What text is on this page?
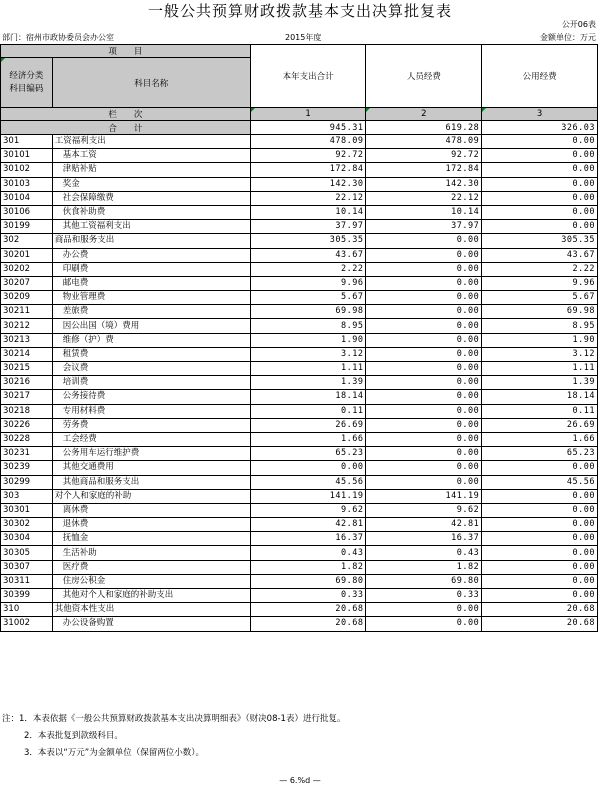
一般公共预算财政拨款基本支出决算批复表
公开06表
部门：宿州市政协委员会办公室	2015年度	金额单位：万元
项　　目		本年支出合计	人员经费	公用经费
经济分类
科目编码	科目名称			
栏　　次		1	2	3
合　　计		945.31	619.28	326.03
301	工资福利支出	478.09	478.09	0.00
30101	基本工资	92.72	92.72	0.00
30102	津贴补贴	172.84	172.84	0.00
30103	奖金	142.30	142.30	0.00
30104	社会保障缴费	22.12	22.12	0.00
30106	伙食补助费	10.14	10.14	0.00
30199	其他工资福利支出	37.97	37.97	0.00
302	商品和服务支出	305.35	0.00	305.35
30201	办公费	43.67	0.00	43.67
30202	印刷费	2.22	0.00	2.22
30207	邮电费	9.96	0.00	9.96
30209	物业管理费	5.67	0.00	5.67
30211	差旅费	69.98	0.00	69.98
30212	因公出国（境）费用	8.95	0.00	8.95
30213	维修（护）费	1.90	0.00	1.90
30214	租赁费	3.12	0.00	3.12
30215	会议费	1.11	0.00	1.11
30216	培训费	1.39	0.00	1.39
30217	公务接待费	18.14	0.00	18.14
30218	专用材料费	0.11	0.00	0.11
30226	劳务费	26.69	0.00	26.69
30228	工会经费	1.66	0.00	1.66
30231	公务用车运行维护费	65.23	0.00	65.23
30239	其他交通费用	0.00	0.00	0.00
30299	其他商品和服务支出	45.56	0.00	45.56
303	对个人和家庭的补助	141.19	141.19	0.00
30301	离休费	9.62	9.62	0.00
30302	退休费	42.81	42.81	0.00
30304	抚恤金	16.37	16.37	0.00
30305	生活补助	0.43	0.43	0.00
30307	医疗费	1.82	1.82	0.00
30311	住房公积金	69.80	69.80	0.00
30399	其他对个人和家庭的补助支出	0.33	0.33	0.00
310	其他资本性支出	20.68	0.00	20.68
31002	办公设备购置	20.68	0.00	20.68
注：1．本表依据《一般公共预算财政拨款基本支出决算明细表》（财决08-1表）进行批复。
2．本表批复到款级科目。
3．本表以“万元”为金额单位（保留两位小数）。
— 6.%d —
